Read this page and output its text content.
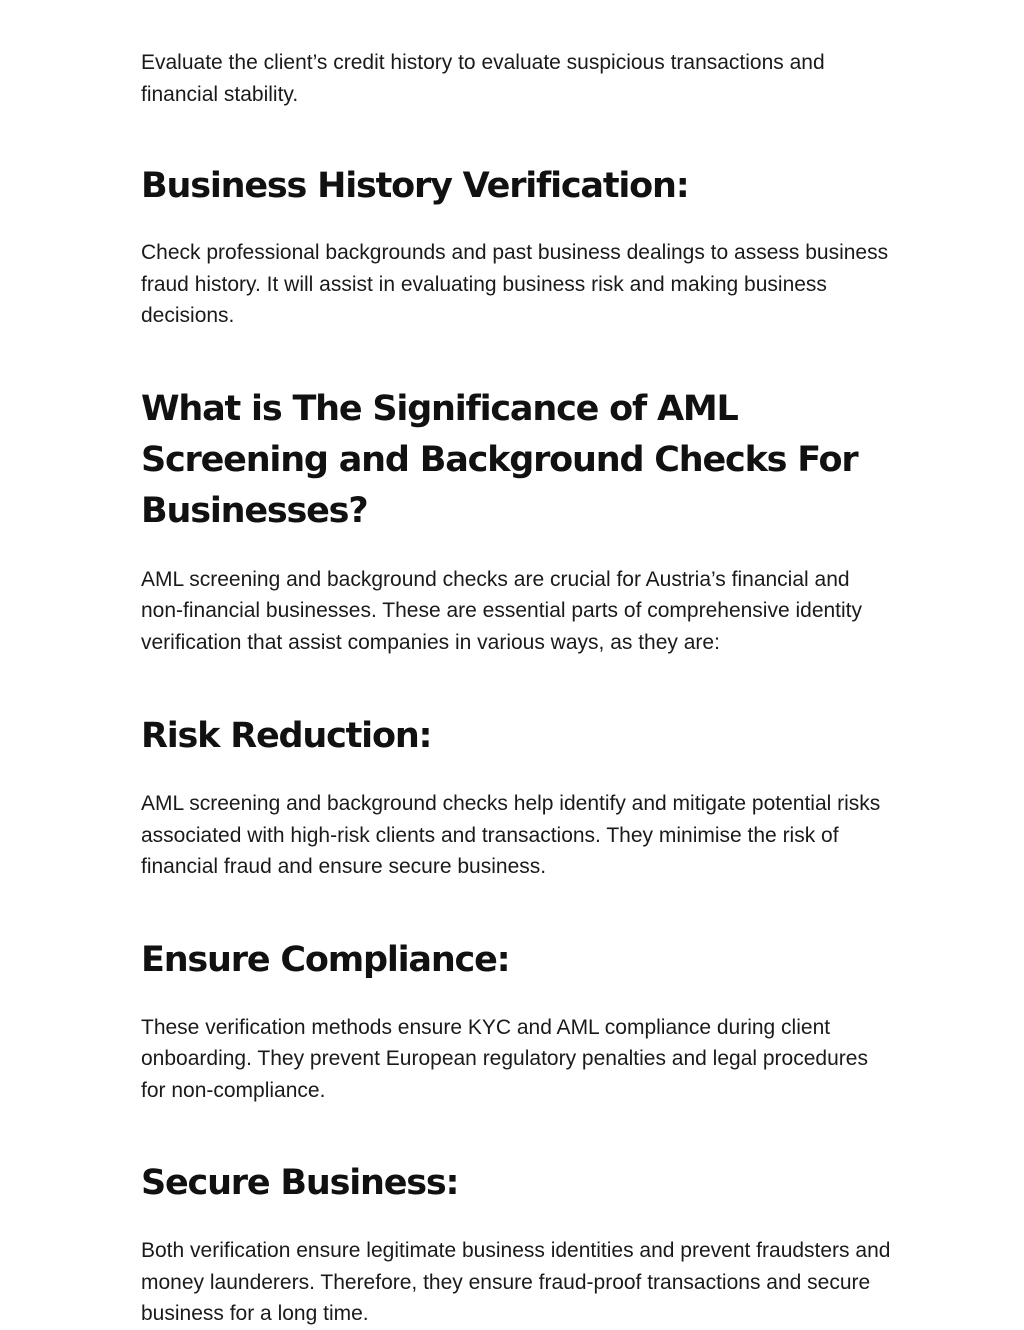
Evaluate the client’s credit history to evaluate suspicious transactions and financial stability.

Business History Verification:

Check professional backgrounds and past business dealings to assess business fraud history. It will assist in evaluating business risk and making business decisions.

What is The Significance of AML Screening and Background Checks For Businesses?

AML screening and background checks are crucial for Austria’s financial and non-financial businesses. These are essential parts of comprehensive identity verification that assist companies in various ways, as they are:

Risk Reduction:

AML screening and background checks help identify and mitigate potential risks associated with high-risk clients and transactions. They minimise the risk of financial fraud and ensure secure business.

Ensure Compliance:

These verification methods ensure KYC and AML compliance during client onboarding. They prevent European regulatory penalties and legal procedures for non-compliance.

Secure Business:

Both verification ensure legitimate business identities and prevent fraudsters and money launderers. Therefore, they ensure fraud-proof transactions and secure business for a long time.
